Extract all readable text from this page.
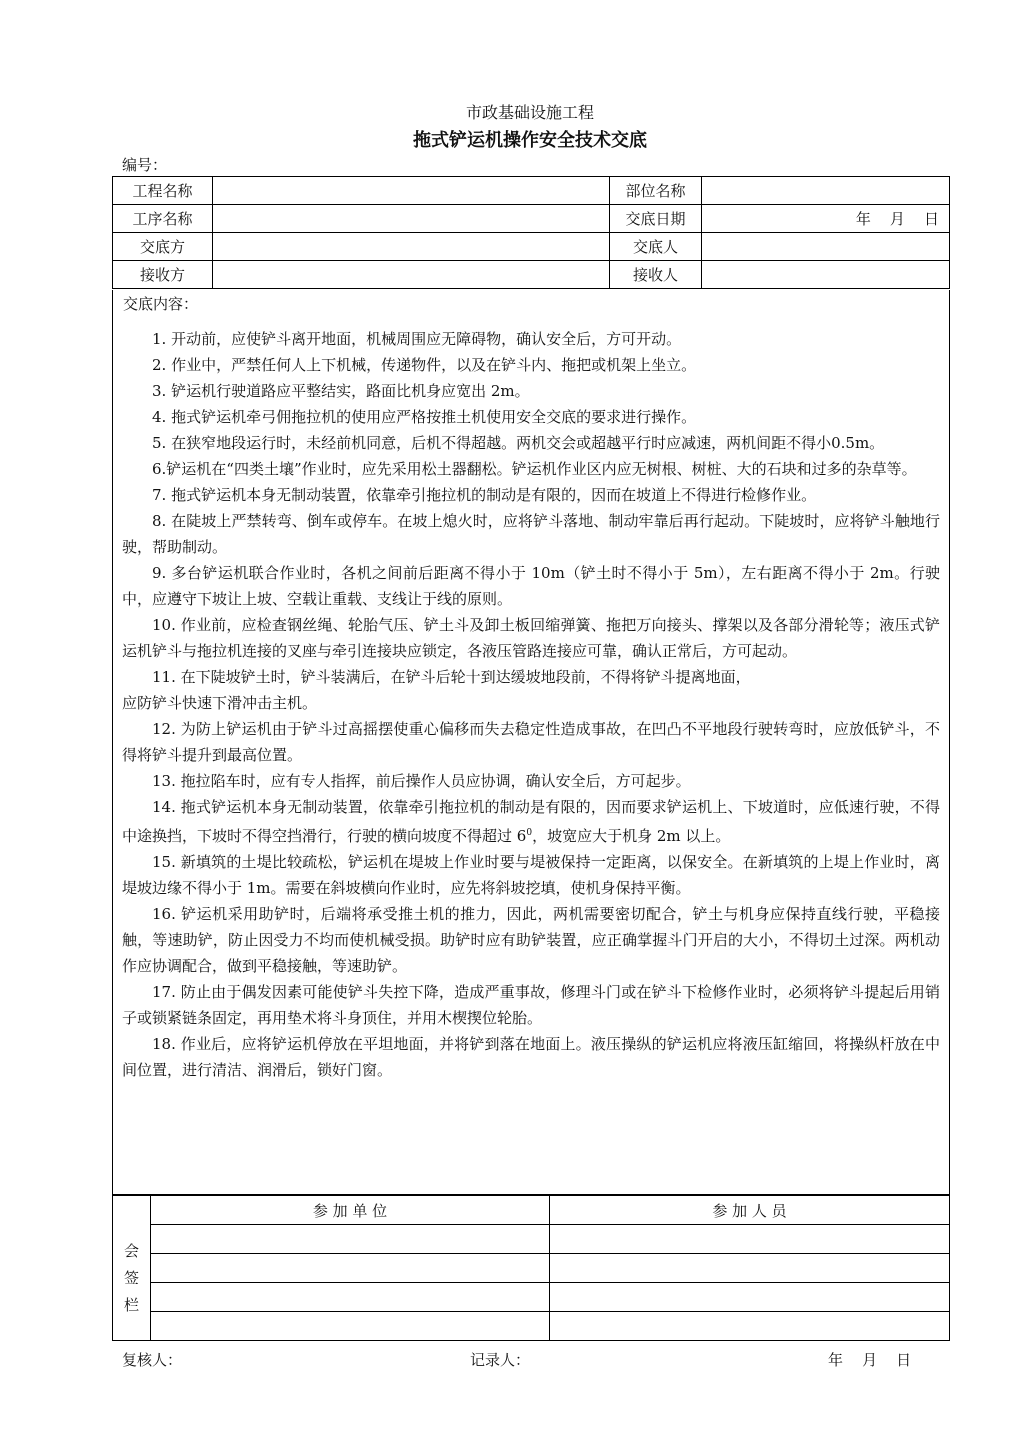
市政基础设施工程
拖式铲运机操作安全技术交底
编号：
工程名称		部位名称	
工序名称		交底日期	年    月    日
交底方		交底人	
接收方		接收人	
交底内容：

1. 开动前，应使铲斗离开地面，机械周围应无障碍物，确认安全后，方可开动。

2. 作业中，严禁任何人上下机械，传递物件，以及在铲斗内、拖把或机架上坐立。

3. 铲运机行驶道路应平整结实，路面比机身应宽出 2m。

4. 拖式铲运机牵弓佣拖拉机的使用应严格按推土机使用安全交底的要求进行操作。

5. 在狭窄地段运行时，未经前机同意，后机不得超越。两机交会或超越平行时应减速，两机间距不得小0.5m。

6.铲运机在“四类土壤”作业时，应先采用松土器翻松。铲运机作业区内应无树根、树桩、大的石块和过多的杂草等。

7. 拖式铲运机本身无制动装置，依靠牵引拖拉机的制动是有限的，因而在坡道上不得进行检修作业。

8. 在陡坡上严禁转弯、倒车或停车。在坡上熄火时，应将铲斗落地、制动牢靠后再行起动。下陡坡时，应将铲斗触地行驶，帮助制动。

9. 多台铲运机联合作业时，各机之间前后距离不得小于 10m（铲土时不得小于 5m），左右距离不得小于 2m。行驶中，应遵守下坡让上坡、空载让重载、支线让于线的原则。

10. 作业前，应检查钢丝绳、轮胎气压、铲土斗及卸土板回缩弹簧、拖把万向接头、撑架以及各部分滑轮等；液压式铲运机铲斗与拖拉机连接的叉座与牵引连接块应锁定，各液压管路连接应可靠，确认正常后，方可起动。

11. 在下陡坡铲土时，铲斗装满后，在铲斗后轮十到达缓坡地段前，不得将铲斗提离地面，

应防铲斗快速下滑冲击主机。

12. 为防上铲运机由于铲斗过高摇摆使重心偏移而失去稳定性造成事故，在凹凸不平地段行驶转弯时，应放低铲斗，不得将铲斗提升到最高位置。

13. 拖拉陷车时，应有专人指挥，前后操作人员应协调，确认安全后，方可起步。

14. 拖式铲运机本身无制动装置，依靠牵引拖拉机的制动是有限的，因而要求铲运机上、下坡道时，应低速行驶，不得中途换挡，下坡时不得空挡滑行，行驶的横向坡度不得超过 $6^0$，坡宽应大于机身 2m 以上。

15. 新填筑的土堤比较疏松，铲运机在堤坡上作业时要与堤被保持一定距离，以保安全。在新填筑的上堤上作业时，离堤坡边缘不得小于 1m。需要在斜坡横向作业时，应先将斜坡挖填，使机身保持平衡。

16. 铲运机采用助铲时，后端将承受推土机的推力，因此，两机需要密切配合，铲土与机身应保持直线行驶，平稳接触，等速助铲，防止因受力不均而使机械受损。助铲时应有助铲装置，应正确掌握斗门开启的大小，不得切土过深。两机动作应协调配合，做到平稳接触，等速助铲。

17. 防止由于偶发因素可能使铲斗失控下降，造成严重事故，修理斗门或在铲斗下检修作业时，必须将铲斗提起后用销子或锁紧链条固定，再用垫术将斗身顶住，并用木楔揳位轮胎。

18. 作业后，应将铲运机停放在平坦地面，并将铲到落在地面上。液压操纵的铲运机应将液压缸缩回，将操纵杆放在中间位置，进行清洁、润滑后，锁好门窗。

会
签
栏	参 加 单 位	参 加 人 员

复核人：	记录人：	年    月    日
